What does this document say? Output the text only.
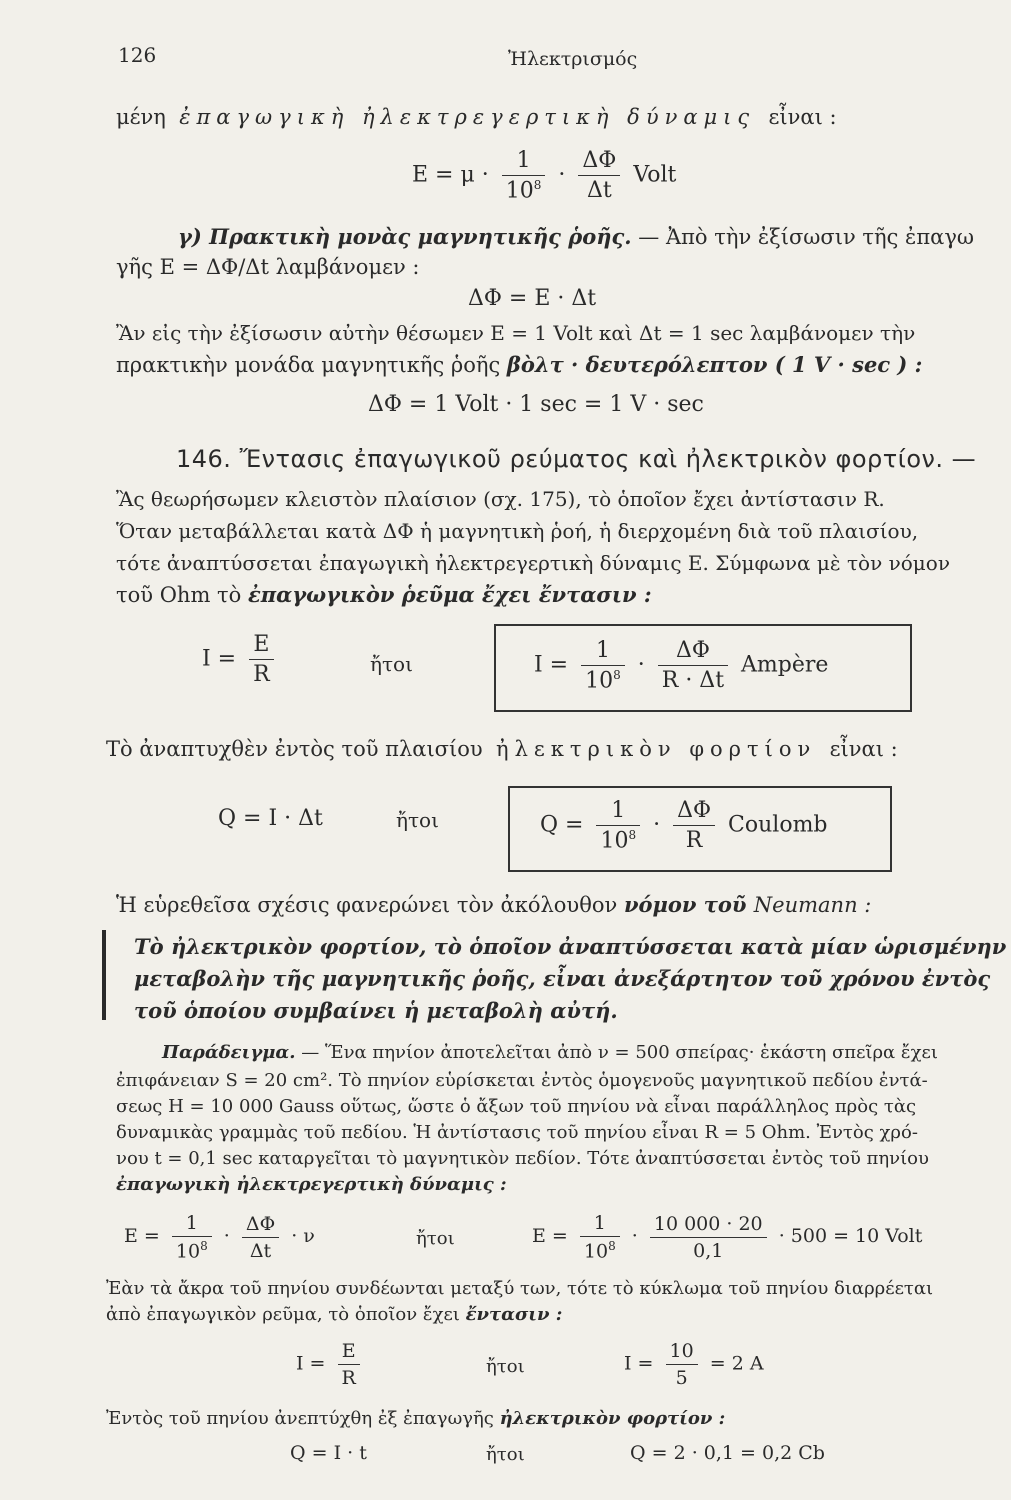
126	Ἠλεκτρισμός
μένη ἐπαγωγικὴ ἠλεκτρεγερτικὴ δύναμις εἶναι :
$E = \mu \cdot \frac{1}{10^8} \cdot \frac{\Delta\Phi}{\Delta t}$ Volt
γ) Πρακτικὴ μονὰς μαγνητικῆς ῥοῆς. — Ἀπὸ τὴν ἐξίσωσιν τῆς ἐπαγω
γῆς E = ΔΦ/Δt λαμβάνομεν :
ΔΦ = E · Δt
Ἂν εἰς τὴν ἐξίσωσιν αὐτὴν θέσωμεν E = 1 Volt καὶ Δt = 1 sec λαμβάνομεν τὴν
πρακτικὴν μονάδα μαγνητικῆς ῥοῆς βὸλτ · δευτερόλεπτον ( 1 V · sec ) :
ΔΦ = 1 Volt · 1 sec = 1 V · sec
146. Ἔντασις ἐπαγωγικοῦ ρεύματος καὶ ἠλεκτρικὸν φορτίον. —
Ἂς θεωρήσωμεν κλειστὸν πλαίσιον (σχ. 175), τὸ ὁποῖον ἔχει ἀντίστασιν R.
Ὅταν μεταβάλλεται κατὰ ΔΦ ἡ μαγνητικὴ ῥοή, ἡ διερχομένη διὰ τοῦ πλαισίου,
τότε ἀναπτύσσεται ἐπαγωγικὴ ἠλεκτρεγερτικὴ δύναμις E. Σύμφωνα μὲ τὸν νόμον
τοῦ Ohm τὸ ἐπαγωγικὸν ῥεῦμα ἔχει ἔντασιν :
$I = \frac{E}{R}$	ἤτοι	$I = \frac{1}{10^8} \cdot \frac{\Delta\Phi}{R \cdot \Delta t}$ Ampère
Τὸ ἀναπτυχθὲν ἐντὸς τοῦ πλαισίου ἠλεκτρικὸν φορτίον εἶναι :
Q = I · Δt	ἤτοι	$Q = \frac{1}{10^8} \cdot \frac{\Delta\Phi}{R}$ Coulomb
Ἡ εὑρεθεῖσα σχέσις φανερώνει τὸν ἀκόλουθον νόμον τοῦ Neumann :
Τὸ ἠλεκτρικὸν φορτίον, τὸ ὁποῖον ἀναπτύσσεται κατὰ μίαν ὡρισμένην
μεταβολὴν τῆς μαγνητικῆς ῥοῆς, εἶναι ἀνεξάρτητον τοῦ χρόνου ἐντὸς
τοῦ ὁποίου συμβαίνει ἡ μεταβολὴ αὐτή.
Παράδειγμα. — Ἕνα πηνίον ἀποτελεῖται ἀπὸ ν = 500 σπείρας· ἑκάστη σπεῖρα ἔχει
ἐπιφάνειαν S = 20 cm². Τὸ πηνίον εὑρίσκεται ἐντὸς ὁμογενοῦς μαγνητικοῦ πεδίου ἐντά-
σεως H = 10 000 Gauss οὕτως, ὥστε ὁ ἄξων τοῦ πηνίου νὰ εἶναι παράλληλος πρὸς τὰς
δυναμικὰς γραμμὰς τοῦ πεδίου. Ἡ ἀντίστασις τοῦ πηνίου εἶναι R = 5 Ohm. Ἐντὸς χρό-
νου t = 0,1 sec καταργεῖται τὸ μαγνητικὸν πεδίον. Τότε ἀναπτύσσεται ἐντὸς τοῦ πηνίου
ἐπαγωγικὴ ἠλεκτρεγερτικὴ δύναμις :
$E = \frac{1}{10^8} \cdot \frac{\Delta\Phi}{\Delta t} \cdot \nu$	ἤτοι	$E = \frac{1}{10^8} \cdot \frac{10 000 \cdot 20}{0,1} \cdot 500 = 10$ Volt
Ἐὰν τὰ ἄκρα τοῦ πηνίου συνδέωνται μεταξύ των, τότε τὸ κύκλωμα τοῦ πηνίου διαρρέεται
ἀπὸ ἐπαγωγικὸν ρεῦμα, τὸ ὁποῖον ἔχει ἔντασιν :
$I = \frac{E}{R}$	ἤτοι	$I = \frac{10}{5} = 2$ A
Ἐντὸς τοῦ πηνίου ἀνεπτύχθη ἐξ ἐπαγωγῆς ἠλεκτρικὸν φορτίον :
Q = I · t	ἤτοι	Q = 2 · 0,1 = 0,2 Cb
